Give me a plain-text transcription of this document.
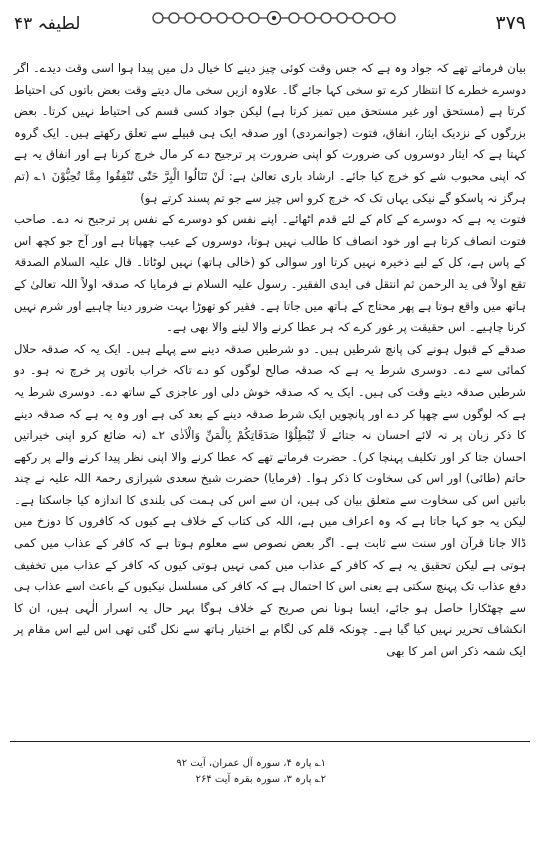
لطیفہ ۴۳	۳۷۹

بیان فرماتے تھے کہ جواد وہ ہے کہ جس وقت کوئی چیز دینے کا خیال دل میں پیدا ہوا اسی وقت دیدے۔ اگر دوسرے خطرے کا انتظار کرے تو سخی کہا جائے گا۔ علاوہ ازیں سخی مال دیتے وقت بعض باتوں کی احتیاط کرتا ہے (مستحق اور غیر مستحق میں تمیز کرتا ہے) لیکن جواد کسی قسم کی احتیاط نہیں کرتا۔ بعض بزرگوں کے نزدیک ایثار، انفاق، فتوت (جوانمردی) اور صدقہ ایک ہی قبیلے سے تعلق رکھتے ہیں۔ ایک گروہ کہتا ہے کہ ایثار دوسروں کی ضرورت کو اپنی ضرورت پر ترجیح دے کر مال خرچ کرنا ہے اور انفاق یہ ہے کہ اپنی محبوب شے کو خرچ کیا جائے۔ ارشاد باری تعالیٰ ہے: لَنْ تَنَالُوا الْبِرَّ حَتّٰی تُنْفِقُوا مِمَّا تُحِبُّوْنَ ۱؎ (تم ہرگز نہ پاسکو گے نیکی یہاں تک کہ خرچ کرو اس چیز سے جو تم پسند کرتے ہو)

فتوت یہ ہے کہ دوسرے کے کام کے لئے قدم اٹھائے۔ اپنے نفس کو دوسرے کے نفس پر ترجیح نہ دے۔ صاحب فتوت انصاف کرتا ہے اور خود انصاف کا طالب نہیں ہوتا، دوسروں کے عیب چھپاتا ہے اور آج جو کچھ اس کے پاس ہے، کل کے لیے ذخیرہ نہیں کرتا اور سوالی کو (خالی ہاتھ) نہیں لوٹاتا۔ قال علیہ السلام الصدقۃ تقع اولاً فی ید الرحمن ثم انتقل فی ایدی الفقیر۔ رسول علیہ السلام نے فرمایا کہ صدقہ اولاً اللہ تعالیٰ کے ہاتھ میں واقع ہوتا ہے پھر محتاج کے ہاتھ میں جاتا ہے۔ فقیر کو تھوڑا بہت ضرور دینا چاہیے اور شرم نہیں کرنا چاہیے۔ اس حقیقت پر غور کرے کہ ہر عطا کرنے والا لینے والا بھی ہے۔

صدقے کے قبول ہونے کی پانچ شرطیں ہیں۔ دو شرطیں صدقہ دینے سے پہلے ہیں۔ ایک یہ کہ صدقہ حلال کمائی سے دے۔ دوسری شرط یہ ہے کہ صدقہ صالح لوگوں کو دے تاکہ خراب باتوں پر خرچ نہ ہو۔ دو شرطیں صدقہ دیتے وقت کی ہیں۔ ایک یہ کہ صدقہ خوش دلی اور عاجزی کے ساتھ دے۔ دوسری شرط یہ ہے کہ لوگوں سے چھپا کر دے اور پانچویں ایک شرط صدقہ دینے کے بعد کی ہے اور وہ یہ ہے کہ صدقہ دینے کا ذکر زبان پر نہ لائے احسان نہ جتائے لَا تُبْطِلُوْا صَدَقَاتِكُمْ بِالْمَنِّ وَالْاَذٰی ۲؎ (نہ ضائع کرو اپنی خیراتیں احسان جتا کر اور تکلیف پہنچا کر)۔ حضرت فرماتے تھے کہ عطا کرنے والا اپنی نظر پیدا کرنے والے پر رکھے حاتم (طائی) اور اس کی سخاوت کا ذکر ہوا۔ (فرمایا) حضرت شیخ سعدی شیرازی رحمۃ اللہ علیہ نے چند باتیں اس کی سخاوت سے متعلق بیان کی ہیں، ان سے اس کی ہمت کی بلندی کا اندازہ کیا جاسکتا ہے۔ لیکن یہ جو کہا جاتا ہے کہ وہ اعراف میں ہے، اللہ کی کتاب کے خلاف ہے کیوں کہ کافروں کا دوزخ میں ڈالا جانا قرآن اور سنت سے ثابت ہے۔ اگر بعض نصوص سے معلوم ہوتا ہے کہ کافر کے عذاب میں کمی ہوتی ہے لیکن تحقیق یہ ہے کہ کافر کے عذاب میں کمی نہیں ہوتی کیوں کہ کافر کے عذاب میں تخفیف دفع عذاب تک پہنچ سکتی ہے یعنی اس کا احتمال ہے کہ کافر کی مسلسل نیکیوں کے باعث اسے عذاب ہی سے چھٹکارا حاصل ہو جائے، ایسا ہونا نص صریح کے خلاف ہوگا بہر حال یہ اسرار الٰہی ہیں، ان کا انکشاف تحریر نہیں کیا گیا ہے۔ چونکہ قلم کی لگام بے اختیار ہاتھ سے نکل گئی تھی اس لیے اس مقام پر ایک شمہ ذکر اس امر کا بھی

۱؎ پارہ ۴، سورہ آل عمران، آیت ۹۲
۲؎ پارہ ۳، سورہ بقرہ آیت ۲۶۴
